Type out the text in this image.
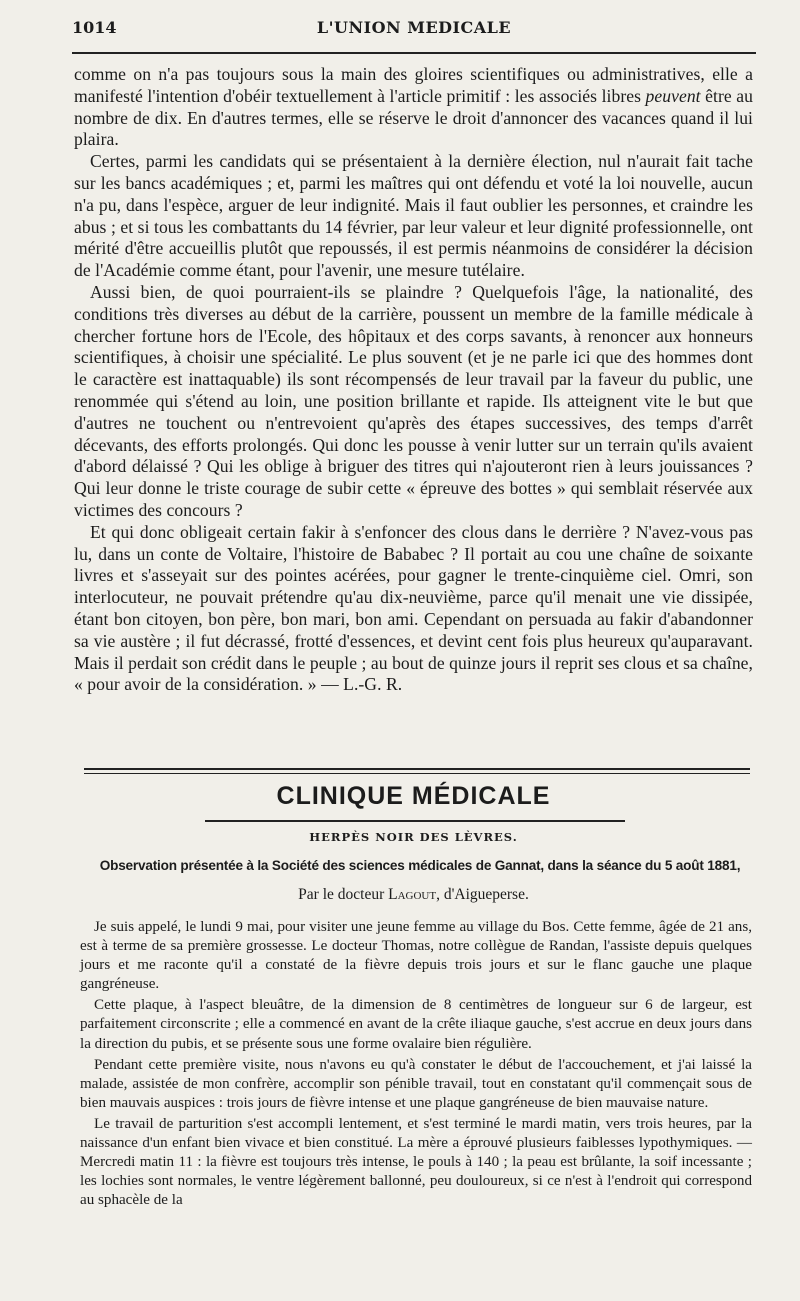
1014	L'UNION MEDICALE

comme on n'a pas toujours sous la main des gloires scientifiques ou administratives, elle a manifesté l'intention d'obéir textuellement à l'article primitif : les associés libres peuvent être au nombre de dix. En d'autres termes, elle se réserve le droit d'annoncer des vacances quand il lui plaira.

Certes, parmi les candidats qui se présentaient à la dernière élection, nul n'aurait fait tache sur les bancs académiques ; et, parmi les maîtres qui ont défendu et voté la loi nouvelle, aucun n'a pu, dans l'espèce, arguer de leur indignité. Mais il faut oublier les personnes, et craindre les abus ; et si tous les combattants du 14 février, par leur valeur et leur dignité professionnelle, ont mérité d'être accueillis plutôt que repoussés, il est permis néanmoins de considérer la décision de l'Académie comme étant, pour l'avenir, une mesure tutélaire.

Aussi bien, de quoi pourraient-ils se plaindre ? Quelquefois l'âge, la nationalité, des conditions très diverses au début de la carrière, poussent un membre de la famille médicale à chercher fortune hors de l'Ecole, des hôpitaux et des corps savants, à renoncer aux honneurs scientifiques, à choisir une spécialité. Le plus souvent (et je ne parle ici que des hommes dont le caractère est inattaquable) ils sont récompensés de leur travail par la faveur du public, une renommée qui s'étend au loin, une position brillante et rapide. Ils atteignent vite le but que d'autres ne touchent ou n'entrevoient qu'après des étapes successives, des temps d'arrêt décevants, des efforts prolongés. Qui donc les pousse à venir lutter sur un terrain qu'ils avaient d'abord délaissé ? Qui les oblige à briguer des titres qui n'ajouteront rien à leurs jouissances ? Qui leur donne le triste courage de subir cette « épreuve des bottes » qui semblait réservée aux victimes des concours ?

Et qui donc obligeait certain fakir à s'enfoncer des clous dans le derrière ? N'avez-vous pas lu, dans un conte de Voltaire, l'histoire de Bababec ? Il portait au cou une chaîne de soixante livres et s'asseyait sur des pointes acérées, pour gagner le trente-cinquième ciel. Omri, son interlocuteur, ne pouvait prétendre qu'au dix-neuvième, parce qu'il menait une vie dissipée, étant bon citoyen, bon père, bon mari, bon ami. Cependant on persuada au fakir d'abandonner sa vie austère ; il fut décrassé, frotté d'essences, et devint cent fois plus heureux qu'auparavant. Mais il perdait son crédit dans le peuple ; au bout de quinze jours il reprit ses clous et sa chaîne, « pour avoir de la considération. » — L.-G. R.

CLINIQUE MÉDICALE
HERPÈS NOIR DES LÈVRES.
Observation présentée à la Société des sciences médicales de Gannat, dans la séance du 5 août 1881,
Par le docteur Lagout, d'Aigueperse.

Je suis appelé, le lundi 9 mai, pour visiter une jeune femme au village du Bos. Cette femme, âgée de 21 ans, est à terme de sa première grossesse. Le docteur Thomas, notre collègue de Randan, l'assiste depuis quelques jours et me raconte qu'il a constaté de la fièvre depuis trois jours et sur le flanc gauche une plaque gangréneuse.

Cette plaque, à l'aspect bleuâtre, de la dimension de 8 centimètres de longueur sur 6 de largeur, est parfaitement circonscrite ; elle a commencé en avant de la crête iliaque gauche, s'est accrue en deux jours dans la direction du pubis, et se présente sous une forme ovalaire bien régulière.

Pendant cette première visite, nous n'avons eu qu'à constater le début de l'accouchement, et j'ai laissé la malade, assistée de mon confrère, accomplir son pénible travail, tout en constatant qu'il commençait sous de bien mauvais auspices : trois jours de fièvre intense et une plaque gangréneuse de bien mauvaise nature.

Le travail de parturition s'est accompli lentement, et s'est terminé le mardi matin, vers trois heures, par la naissance d'un enfant bien vivace et bien constitué. La mère a éprouvé plusieurs faiblesses lypothymiques. — Mercredi matin 11 : la fièvre est toujours très intense, le pouls à 140 ; la peau est brûlante, la soif incessante ; les lochies sont normales, le ventre légèrement ballonné, peu douloureux, si ce n'est à l'endroit qui correspond au sphacèle de la
